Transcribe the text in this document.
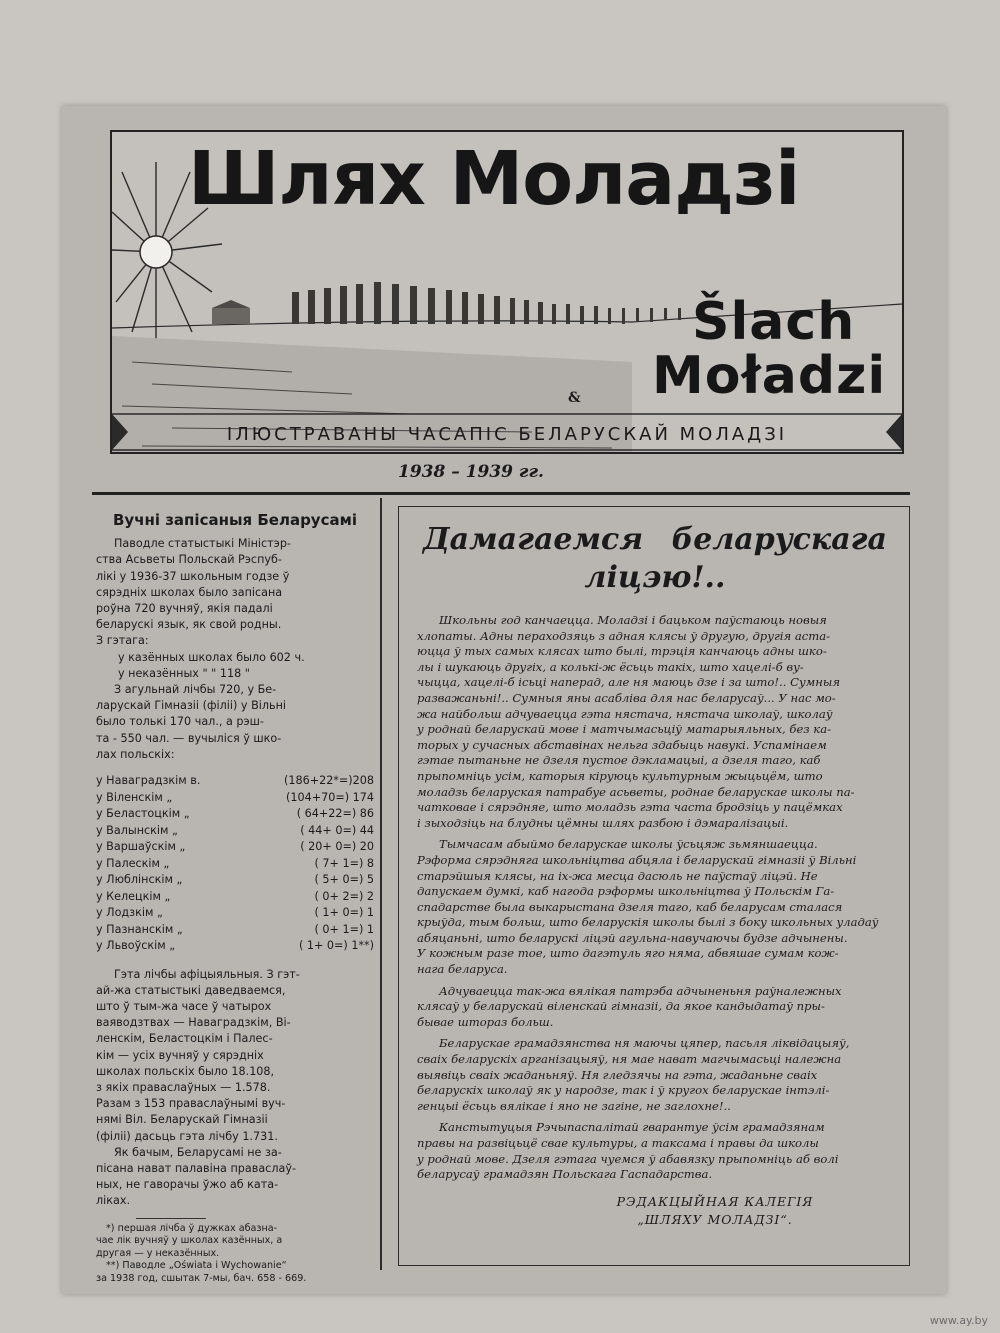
Шлях Моладзі
Šlach
& Moładzi
ІЛЮСТРАВАНЫ ЧАСАПІС БЕЛАРУСКАЙ МОЛАДЗІ
1938 – 1939 гг.
Вучні запісаныя Беларусамі
Паводле статыстыкі Міністэр-
ства Асьветы Польскай Рэспуб-
лікі у 1936-37 школьным годзе ў
сярэдніх школах было запісана
роўна 720 вучняў, якія падалі
беларускі язык, як свой родны.
З гэтага:
у казённых школах было 602 ч.
у неказённых " " 118 "
З агульнай лічбы 720, у Бе-
ларускай Гімназіі (філіі) у Вільні
было толькі 170 чал., а рэш-
та - 550 чал. — вучыліся ў шко-
лах польскіх:
у Наваградзкім в.	(186+22*=)208
у Віленскім „	(104+70=) 174
у Беластоцкім „	( 64+22=) 86
у Валынскім „	( 44+ 0=) 44
у Варшаўскім „	( 20+ 0=) 20
у Палескім „	( 7+ 1=) 8
у Люблінскім „	( 5+ 0=) 5
у Келецкім „	( 0+ 2=) 2
у Лодзкім „	( 1+ 0=) 1
у Пазнанскім „	( 0+ 1=) 1
у Львоўскім „	( 1+ 0=) 1**)
Гэта лічбы афіцыяльныя. З гэт-
ай-жа статыстыкі даведваемся,
што ў тым-жа часе ў чатырох
ваяводзтвах — Наваградзкім, Ві-
ленскім, Беластоцкім і Палес-
кім — усіх вучняў у сярэдніх
школах польскіх было 18.108,
з якіх праваслаўных — 1.578.
Разам з 153 праваслаўнымі вуч-
нямі Віл. Беларускай Гімназіі
(філіі) дасьць гэта лічбу 1.731.
Як бачым, Беларусамі не за-
пісана нават палавіна праваслаў-
ных, не гаворачы ўжо аб ката-
ліках.
*) першая лічба ў дужках абазна-
чае лік вучняў у школах казённых, а
другая — у неказённых.
**) Паводле „Oświata i Wychowanie“
за 1938 год, сшытак 7-мы, бач. 658 - 669.
Дамагаемся беларускага
ліцэю!..
Школьны год канчаецца. Моладзі і бацьком паўстаюць новыя
хлопаты. Адны пераходзяць з адная клясы ў другую, другія аста-
юцца ў тых самых клясах што былі, трэція канчаюць адны шко-
лы і шукаюць другіх, а колькі-ж ёсьць такіх, што хацелі-б ву-
чыцца, хацелі-б ісьці наперад, але ня маюць дзе і за што!.. Сумныя
разважаньні!.. Сумныя яны асабліва для нас беларусаў... У нас мо-
жа найбольш адчуваецца гэта нястача, нястача школаў, школаў
у роднай беларускай мове і матчымасьціў матарыяльных, без ка-
торых у сучасных абставінах нельга здабыць навукі. Успамінаем
гэтае пытаньне не дзеля пустое дэкламацыі, а дзеля таго, каб
прыпомніць усім, каторыя кіруюць культурным жыцьцём, што
моладзь беларуская патрабуе асьветы, роднае беларускае школы па-
чатковае і сярэдняе, што моладзь гэта часта бродзіць у пацёмках
і зыходзіць на блудны цёмны шлях разбою і дэмаралізацыі.
Тымчасам абыймо беларускае школы ўсьцяж зьмяншаецца.
Рэформа сярэдняга школьніцтва абцяла і беларускай гімназіі ў Вільні
старэйшыя клясы, на іх-жа месца дасюль не паўстаў ліцэй. Не
дапускаем думкі, каб нагода рэформы школьніцтва ў Польскім Га-
спадарстве была выкарыстана дзеля таго, каб беларусам сталася
крыўда, тым больш, што беларускія школы былі з боку школьных уладаў
абяцаньні, што беларускі ліцэй агульна-навучаючы будзе адчынены.
У кожным разе тое, што дагэтуль яго няма, абвяшае сумам кож-
нага беларуса.
Адчуваецца так-жа вялікая патрэба адчыненьня раўналежных
клясаў у беларускай віленскай гімназіі, да якое кандыдатаў пры-
бывае штораз больш.
Беларускае грамадзянства ня маючы цяпер, пасьля ліквідацыяў,
сваіх беларускіх арганізацыяў, ня мае нават магчымасьці належна
выявіць сваіх жаданьняў. Ня гледзячы на гэта, жаданьне сваіх
беларускіх школаў як у народзе, так і ў кругох беларускае інтэлі-
генцыі ёсьць вялікае і яно не загіне, не заглохне!..
Канстытуцыя Рэчыпаспалітай гварантуе ўсім грамадзянам
правы на развіцьцё свае культуры, а таксама і правы да школы
у роднай мове. Дзеля гэтага чуемся ў абавязку прыпомніць аб волі
беларусаў грамадзян Польскага Гаспадарства.
РЭДАКЦЫЙНАЯ КАЛЕГІЯ
„ШЛЯХУ МОЛАДЗІ“.
www.ay.by
